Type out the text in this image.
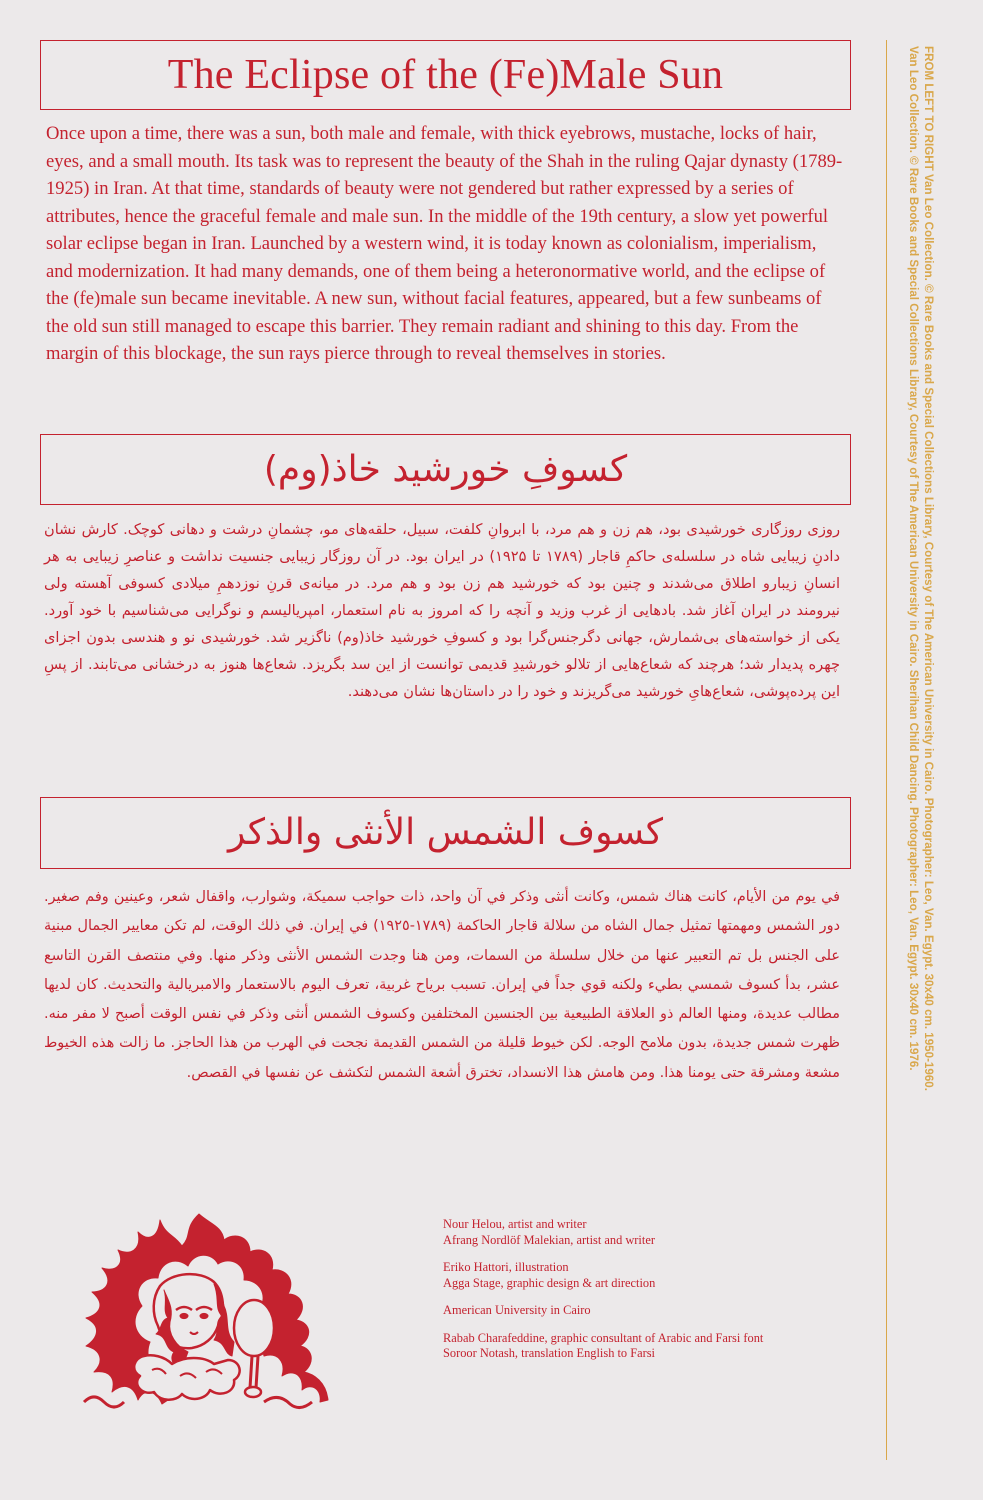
The Eclipse of the (Fe)Male Sun
Once upon a time, there was a sun, both male and female, with thick eyebrows, mustache, locks of hair, eyes, and a small mouth. Its task was to represent the beauty of the Shah in the ruling Qajar dynasty (1789-1925) in Iran. At that time, standards of beauty were not gendered but rather expressed by a series of attributes, hence the graceful female and male sun. In the middle of the 19th century, a slow yet powerful solar eclipse began in Iran. Launched by a western wind, it is today known as colonialism, imperialism, and modernization. It had many demands, one of them being a heteronormative world, and the eclipse of the (fe)male sun became inevitable. A new sun, without facial features, appeared, but a few sunbeams of the old sun still managed to escape this barrier. They remain radiant and shining to this day. From the margin of this blockage, the sun rays pierce through to reveal themselves in stories.
کسوفِ خورشید خاذ(وم)
روزی روزگاری خورشیدی بود، هم زن و هم مرد، با ابروانِ کلفت، سبیل، حلقه‌های مو، چشمانِ درشت و دهانی کوچک. کارش نشان دادنِ زیبایی شاه در سلسله‌ی حاکمِ قاجار (۱۷۸۹ تا ۱۹۲۵) در ایران بود. در آن روزگار زیبایی جنسیت نداشت و عناصرِ زیبایی به هر انسانِ زیبارو اطلاق می‌شدند و چنین بود که خورشید هم زن بود و هم مرد. در میانه‌ی قرنِ نوزدهمِ میلادی کسوفی آهسته ولی نیرومند در ایران آغاز شد. بادهایی از غرب وزید و آنچه را که امروز به نام استعمار، امپریالیسم و نوگرایی می‌شناسیم با خود آورد. یکی از خواسته‌های بی‌شمارش، جهانی دگرجنس‌گرا بود و کسوفِ خورشید خاذ(وم) ناگزیر شد. خورشیدی نو و هندسی بدون اجزای چهره پدیدار شد؛ هرچند که شعاع‌هایی از تلالو خورشیدِ قدیمی توانست از این سد بگریزد. شعاع‌ها هنوز به درخشانی می‌تابند. از پسِ این پرده‌پوشی، شعاع‌هایِ خورشید می‌گریزند و خود را در داستان‌ها نشان می‌دهند.
كسوف الشمس الأنثى والذكر
في يوم من الأيام، كانت هناك شمس، وكانت أنثى وذكر في آن واحد، ذات حواجب سميكة، وشوارب، واقفال شعر، وعينين وفم صغير. دور الشمس ومهمتها تمثيل جمال الشاه من سلالة قاجار الحاكمة (١٧٨٩-١٩٢٥) في إيران. في ذلك الوقت، لم تكن معايير الجمال مبنية على الجنس بل تم التعبير عنها من خلال سلسلة من السمات، ومن هنا وجدت الشمس الأنثى وذكر منها. وفي منتصف القرن التاسع عشر، بدأ كسوف شمسي بطيء ولكنه قوي جداً في إيران. تسبب برياح غربية، تعرف اليوم بالاستعمار والامبريالية والتحديث. كان لديها مطالب عديدة، ومنها العالم ذو العلاقة الطبيعية بين الجنسين المختلفين وكسوف الشمس أنثى وذكر في نفس الوقت أصبح لا مفر منه. ظهرت شمس جديدة، بدون ملامح الوجه. لكن خيوط قليلة من الشمس القديمة نجحت في الهرب من هذا الحاجز. ما زالت هذه الخيوط مشعة ومشرقة حتى يومنا هذا. ومن هامش هذا الانسداد، تخترق أشعة الشمس لتكشف عن نفسها في القصص.	FROM LEFT TO RIGHT Van Leo Collection. © Rare Books and Special Collections Library, Courtesy of The American University in Cairo. Photographer: Leo, Van. Egypt. 30x40 cm. 1950-1960.
Van Leo Collection. © Rare Books and Special Collections Library, Courtesy of The American University in Cairo. Sherihan Child Dancing. Photographer: Leo, Van. Egypt. 30x40 cm. 1976.
Nour Helou, artist and writer
Afrang Nordlöf Malekian, artist and writer
Eriko Hattori, illustration
Agga Stage, graphic design & art direction
American University in Cairo
Rabab Charafeddine, graphic consultant of Arabic and Farsi font
Soroor Notash, translation English to Farsi
